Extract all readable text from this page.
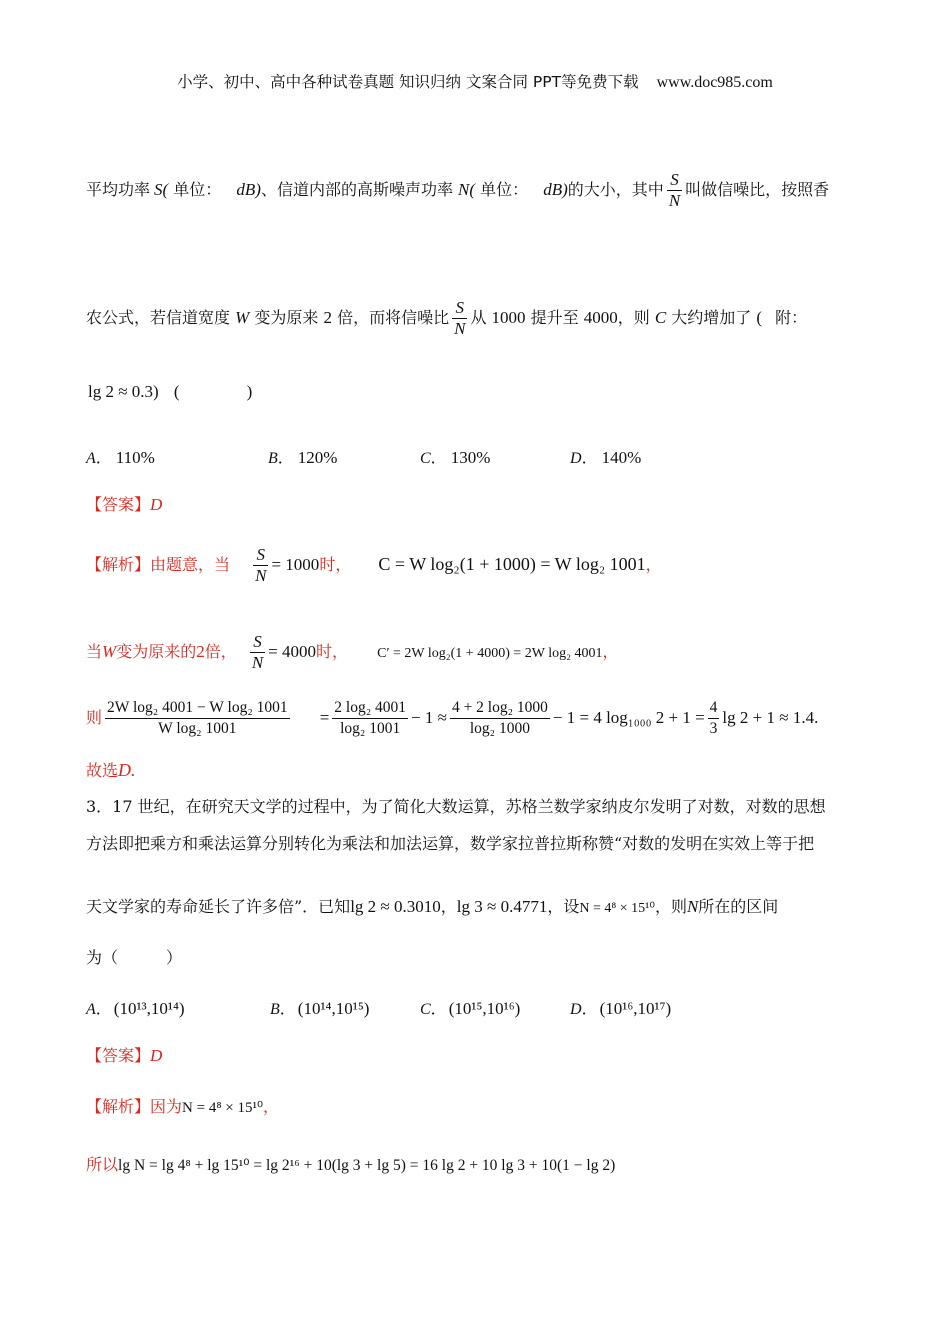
小学、初中、高中各种试卷真题 知识归纳 文案合同 PPT等免费下载 www.doc985.com
平均功率 S( 单位： dB)、信道内部的高斯噪声功率 N( 单位： dB)的大小，其中 $\frac{S}{N}$ 叫做信噪比，按照香
农公式，若信道宽度 W 变为原来 2 倍，而将信噪比 $\frac{S}{N}$ 从 1000 提升至 4000，则 C 大约增加了 ( 附：
lg 2 ≈ 0.3) (	)
A． 110%	B． 120%	C． 130%	D． 140%
【答案】D
【解析】由题意，当 $\frac{S}{N} = 1000$时， C = W log₂(1 + 1000) = W log₂ 1001，
当W变为原来的2倍， $\frac{S}{N} = 4000$时， C′ = 2W log₂(1 + 4000) = 2W log₂ 4001，
则 $\frac{\text{2W log₂ 4001 − W log₂ 1001}}{\text{W log₂ 1001}} = \frac{\text{2 log₂ 4001}}{\text{log₂ 1001}} - 1 \approx \frac{\text{4 + 2 log₂ 1000}}{\text{log₂ 1000}} - 1 = 4$ log₁₀₀₀ $2 + 1 = \frac{4}{3}$ lg 2 + 1 ≈ 1.4.
故选D.
3．17 世纪，在研究天文学的过程中，为了简化大数运算，苏格兰数学家纳皮尔发明了对数，对数的思想
方法即把乘方和乘法运算分别转化为乘法和加法运算，数学家拉普拉斯称赞“对数的发明在实效上等于把
天文学家的寿命延长了许多倍”．已知lg 2 ≈ 0.3010，lg 3 ≈ 0.4771，设N = 4⁸ × 15¹⁰，则N所在的区间
为（　　　）
A． (10¹³,10¹⁴)	B． (10¹⁴,10¹⁵)	C． (10¹⁵,10¹⁶)	D． (10¹⁶,10¹⁷)
【答案】D
【解析】因为N = 4⁸ × 15¹⁰，
所以lg N = lg 4⁸ + lg 15¹⁰ = lg 2¹⁶ + 10(lg 3 + lg 5) = 16 lg 2 + 10 lg 3 + 10(1 − lg 2)
